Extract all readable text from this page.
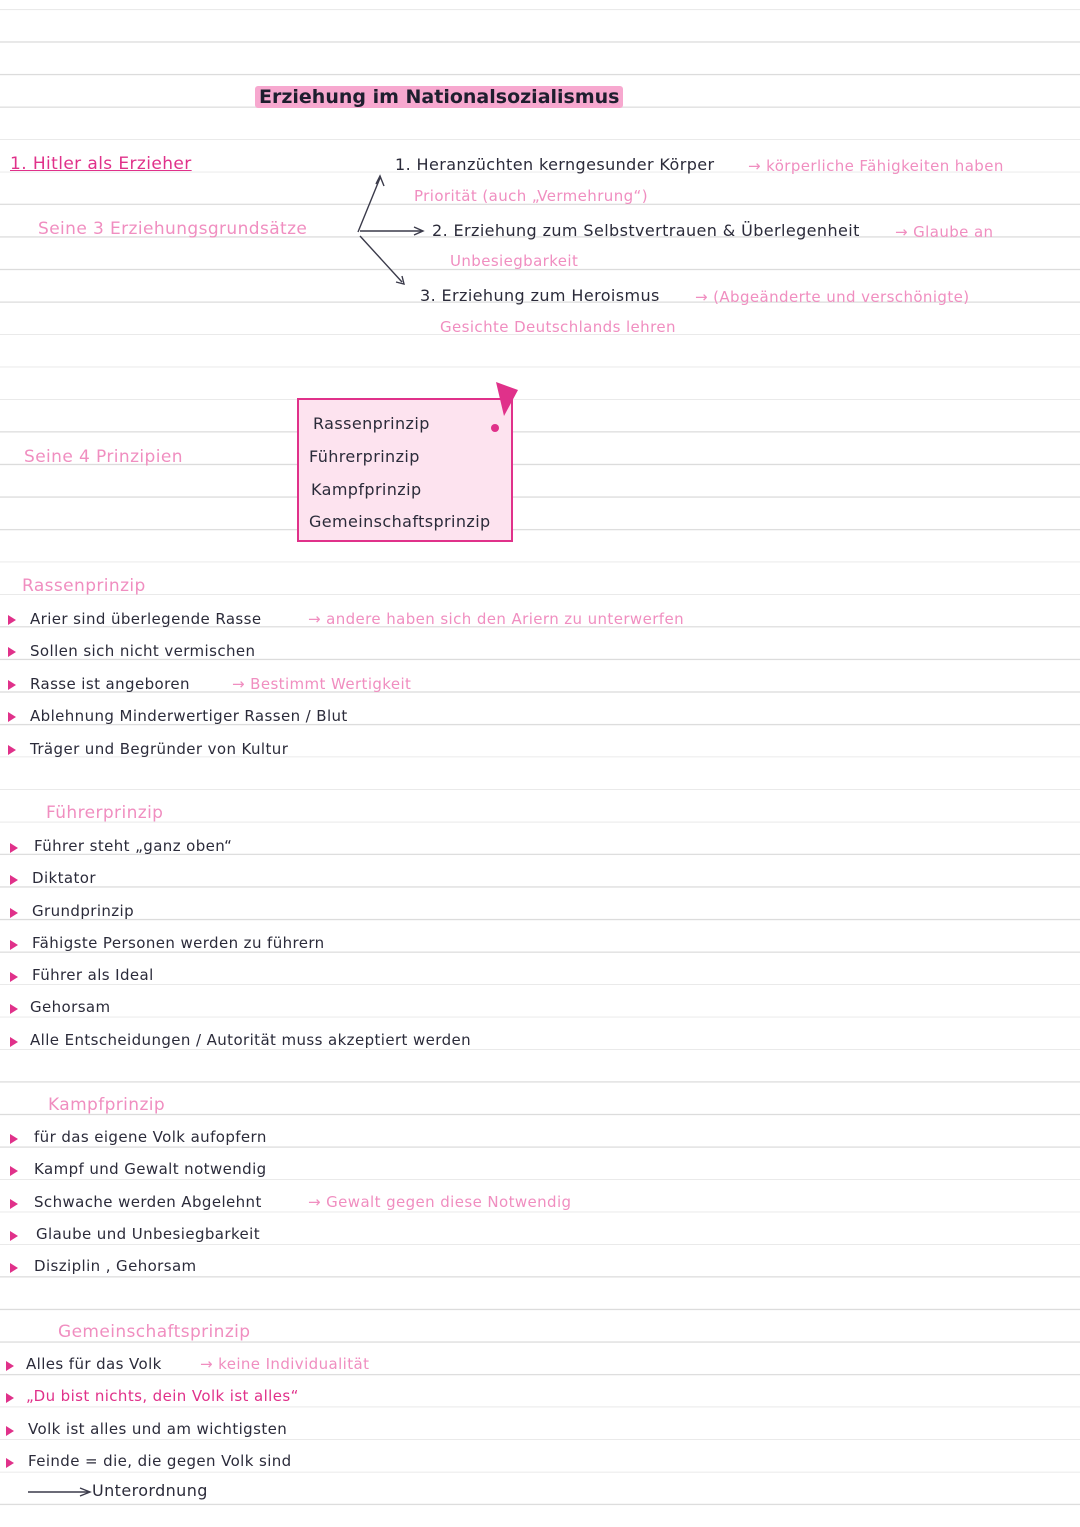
Erziehung im Nationalsozialismus
1. Hitler als Erzieher
Seine 3 Erziehungsgrundsätze
1. Heranzüchten kerngesunder Körper → körperliche Fähigkeiten haben
Priorität (auch „Vermehrung“)
2. Erziehung zum Selbstvertrauen & Überlegenheit → Glaube an
Unbesiegbarkeit
3. Erziehung zum Heroismus → (Abgeänderte und verschönigte)
Gesichte Deutschlands lehren
Seine 4 Prinzipien
Rassenprinzip
Führerprinzip
Kampfprinzip
Gemeinschaftsprinzip
Rassenprinzip
Arier sind überlegende Rasse	→ andere haben sich den Ariern zu unterwerfen
Sollen sich nicht vermischen
Rasse ist angeboren	→ Bestimmt Wertigkeit
Ablehnung Minderwertiger Rassen / Blut
Träger und Begründer von Kultur
Führerprinzip
Führer steht „ganz oben“
Diktator
Grundprinzip
Fähigste Personen werden zu führern
Führer als Ideal
Gehorsam
Alle Entscheidungen / Autorität muss akzeptiert werden
Kampfprinzip
für das eigene Volk aufopfern
Kampf und Gewalt notwendig
Schwache werden Abgelehnt	→ Gewalt gegen diese Notwendig
Glaube und Unbesiegbarkeit
Disziplin , Gehorsam
Gemeinschaftsprinzip
Alles für das Volk	→ keine Individualität
„Du bist nichts, dein Volk ist alles“
Volk ist alles und am wichtigsten
Feinde = die, die gegen Volk sind
Unterordnung
